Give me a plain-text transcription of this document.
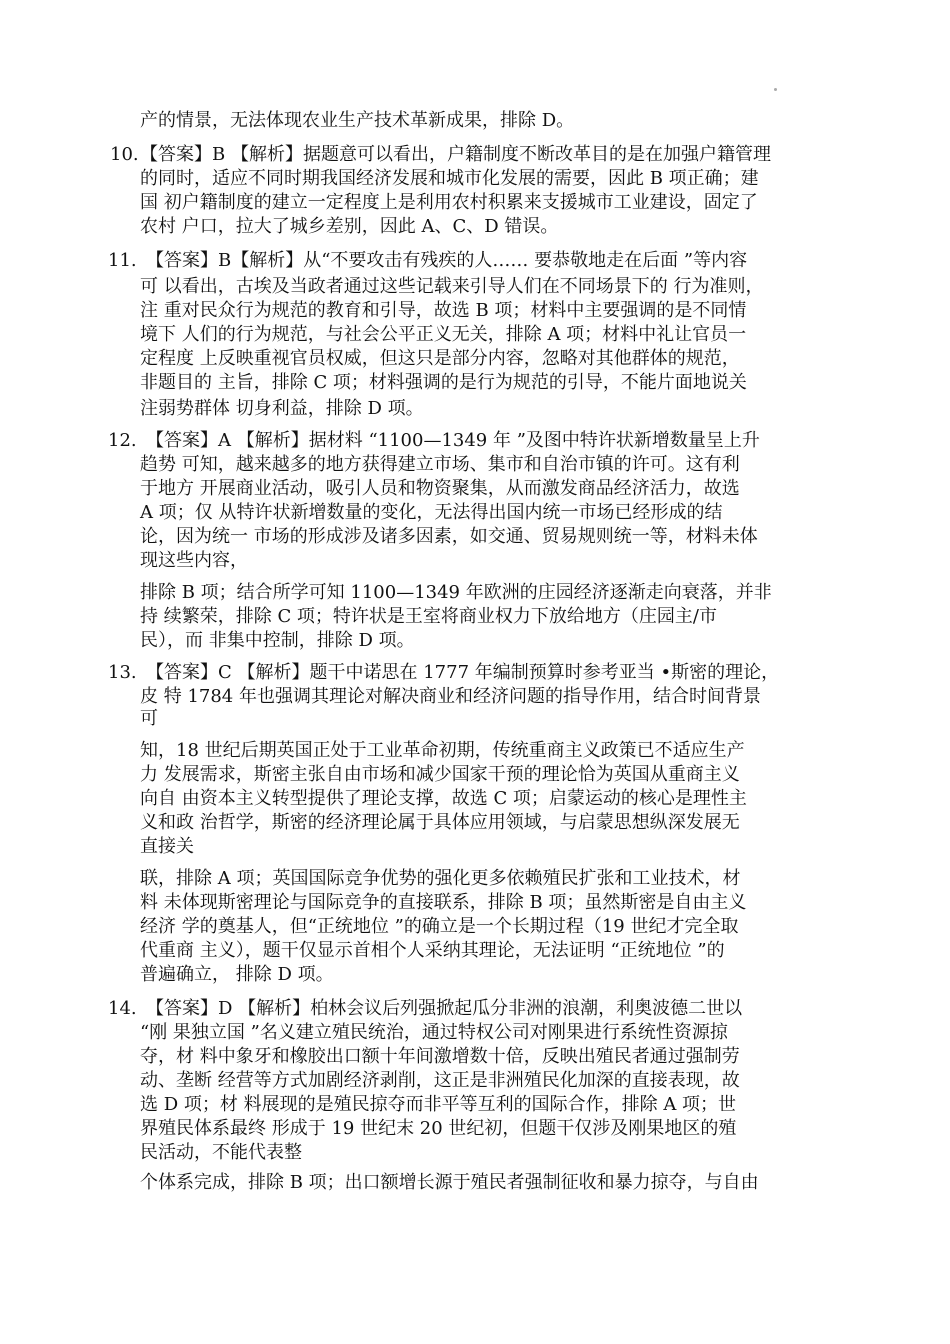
产的情景，无法体现农业生产技术革新成果，排除 D。
10. 【答案】B 【解析】据题意可以看出，户籍制度不断改革目的是在加强户籍管理
的同时，适应不同时期我国经济发展和城市化发展的需要，因此 B 项正确；建
国 初户籍制度的建立一定程度上是利用农村积累来支援城市工业建设，固定了
农村 户口，拉大了城乡差别，因此 A、C、D 错误。
11. 【答案】B【解析】从“不要攻击有残疾的人…… 要恭敬地走在后面 ”等内容
可 以看出，古埃及当政者通过这些记载来引导人们在不同场景下的 行为准则，
注 重对民众行为规范的教育和引导，故选 B 项；材料中主要强调的是不同情
境下 人们的行为规范，与社会公平正义无关，排除 A 项；材料中礼让官员一
定程度 上反映重视官员权威，但这只是部分内容，忽略对其他群体的规范，
非题目的 主旨，排除 C 项；材料强调的是行为规范的引导，不能片面地说关
注弱势群体 切身利益，排除 D 项。
12. 【答案】A 【解析】据材料 “1100—1349 年 ”及图中特许状新增数量呈上升
趋势 可知，越来越多的地方获得建立市场、集市和自治市镇的许可。这有利
于地方 开展商业活动，吸引人员和物资聚集，从而激发商品经济活力，故选
A 项；仅 从特许状新增数量的变化，无法得出国内统一市场已经形成的结
论，因为统一 市场的形成涉及诸多因素，如交通、贸易规则统一等，材料未体
现这些内容，
排除 B 项；结合所学可知 1100—1349 年欧洲的庄园经济逐渐走向衰落，并非
持 续繁荣，排除 C 项；特许状是王室将商业权力下放给地方（庄园主/市
民），而 非集中控制，排除 D 项。
13. 【答案】C 【解析】题干中诺思在 1777 年编制预算时参考亚当 •斯密的理论，
皮 特 1784 年也强调其理论对解决商业和经济问题的指导作用，结合时间背景
可
知，18 世纪后期英国正处于工业革命初期，传统重商主义政策已不适应生产
力 发展需求，斯密主张自由市场和减少国家干预的理论恰为英国从重商主义
向自 由资本主义转型提供了理论支撑，故选 C 项；启蒙运动的核心是理性主
义和政 治哲学，斯密的经济理论属于具体应用领域，与启蒙思想纵深发展无
直接关
联，排除 A 项；英国国际竞争优势的强化更多依赖殖民扩张和工业技术，材
料 未体现斯密理论与国际竞争的直接联系，排除 B 项；虽然斯密是自由主义
经济 学的奠基人，但“正统地位 ”的确立是一个长期过程（19 世纪才完全取
代重商 主义），题干仅显示首相个人采纳其理论，无法证明 “正统地位 ”的
普遍确立， 排除 D 项。
14. 【答案】D 【解析】柏林会议后列强掀起瓜分非洲的浪潮，利奥波德二世以
“刚 果独立国 ”名义建立殖民统治，通过特权公司对刚果进行系统性资源掠
夺，材 料中象牙和橡胶出口额十年间激增数十倍，反映出殖民者通过强制劳
动、垄断 经营等方式加剧经济剥削，这正是非洲殖民化加深的直接表现，故
选 D 项；材 料展现的是殖民掠夺而非平等互利的国际合作，排除 A 项；世
界殖民体系最终 形成于 19 世纪末 20 世纪初，但题干仅涉及刚果地区的殖
民活动，不能代表整
个体系完成，排除 B 项；出口额增长源于殖民者强制征收和暴力掠夺，与自由
